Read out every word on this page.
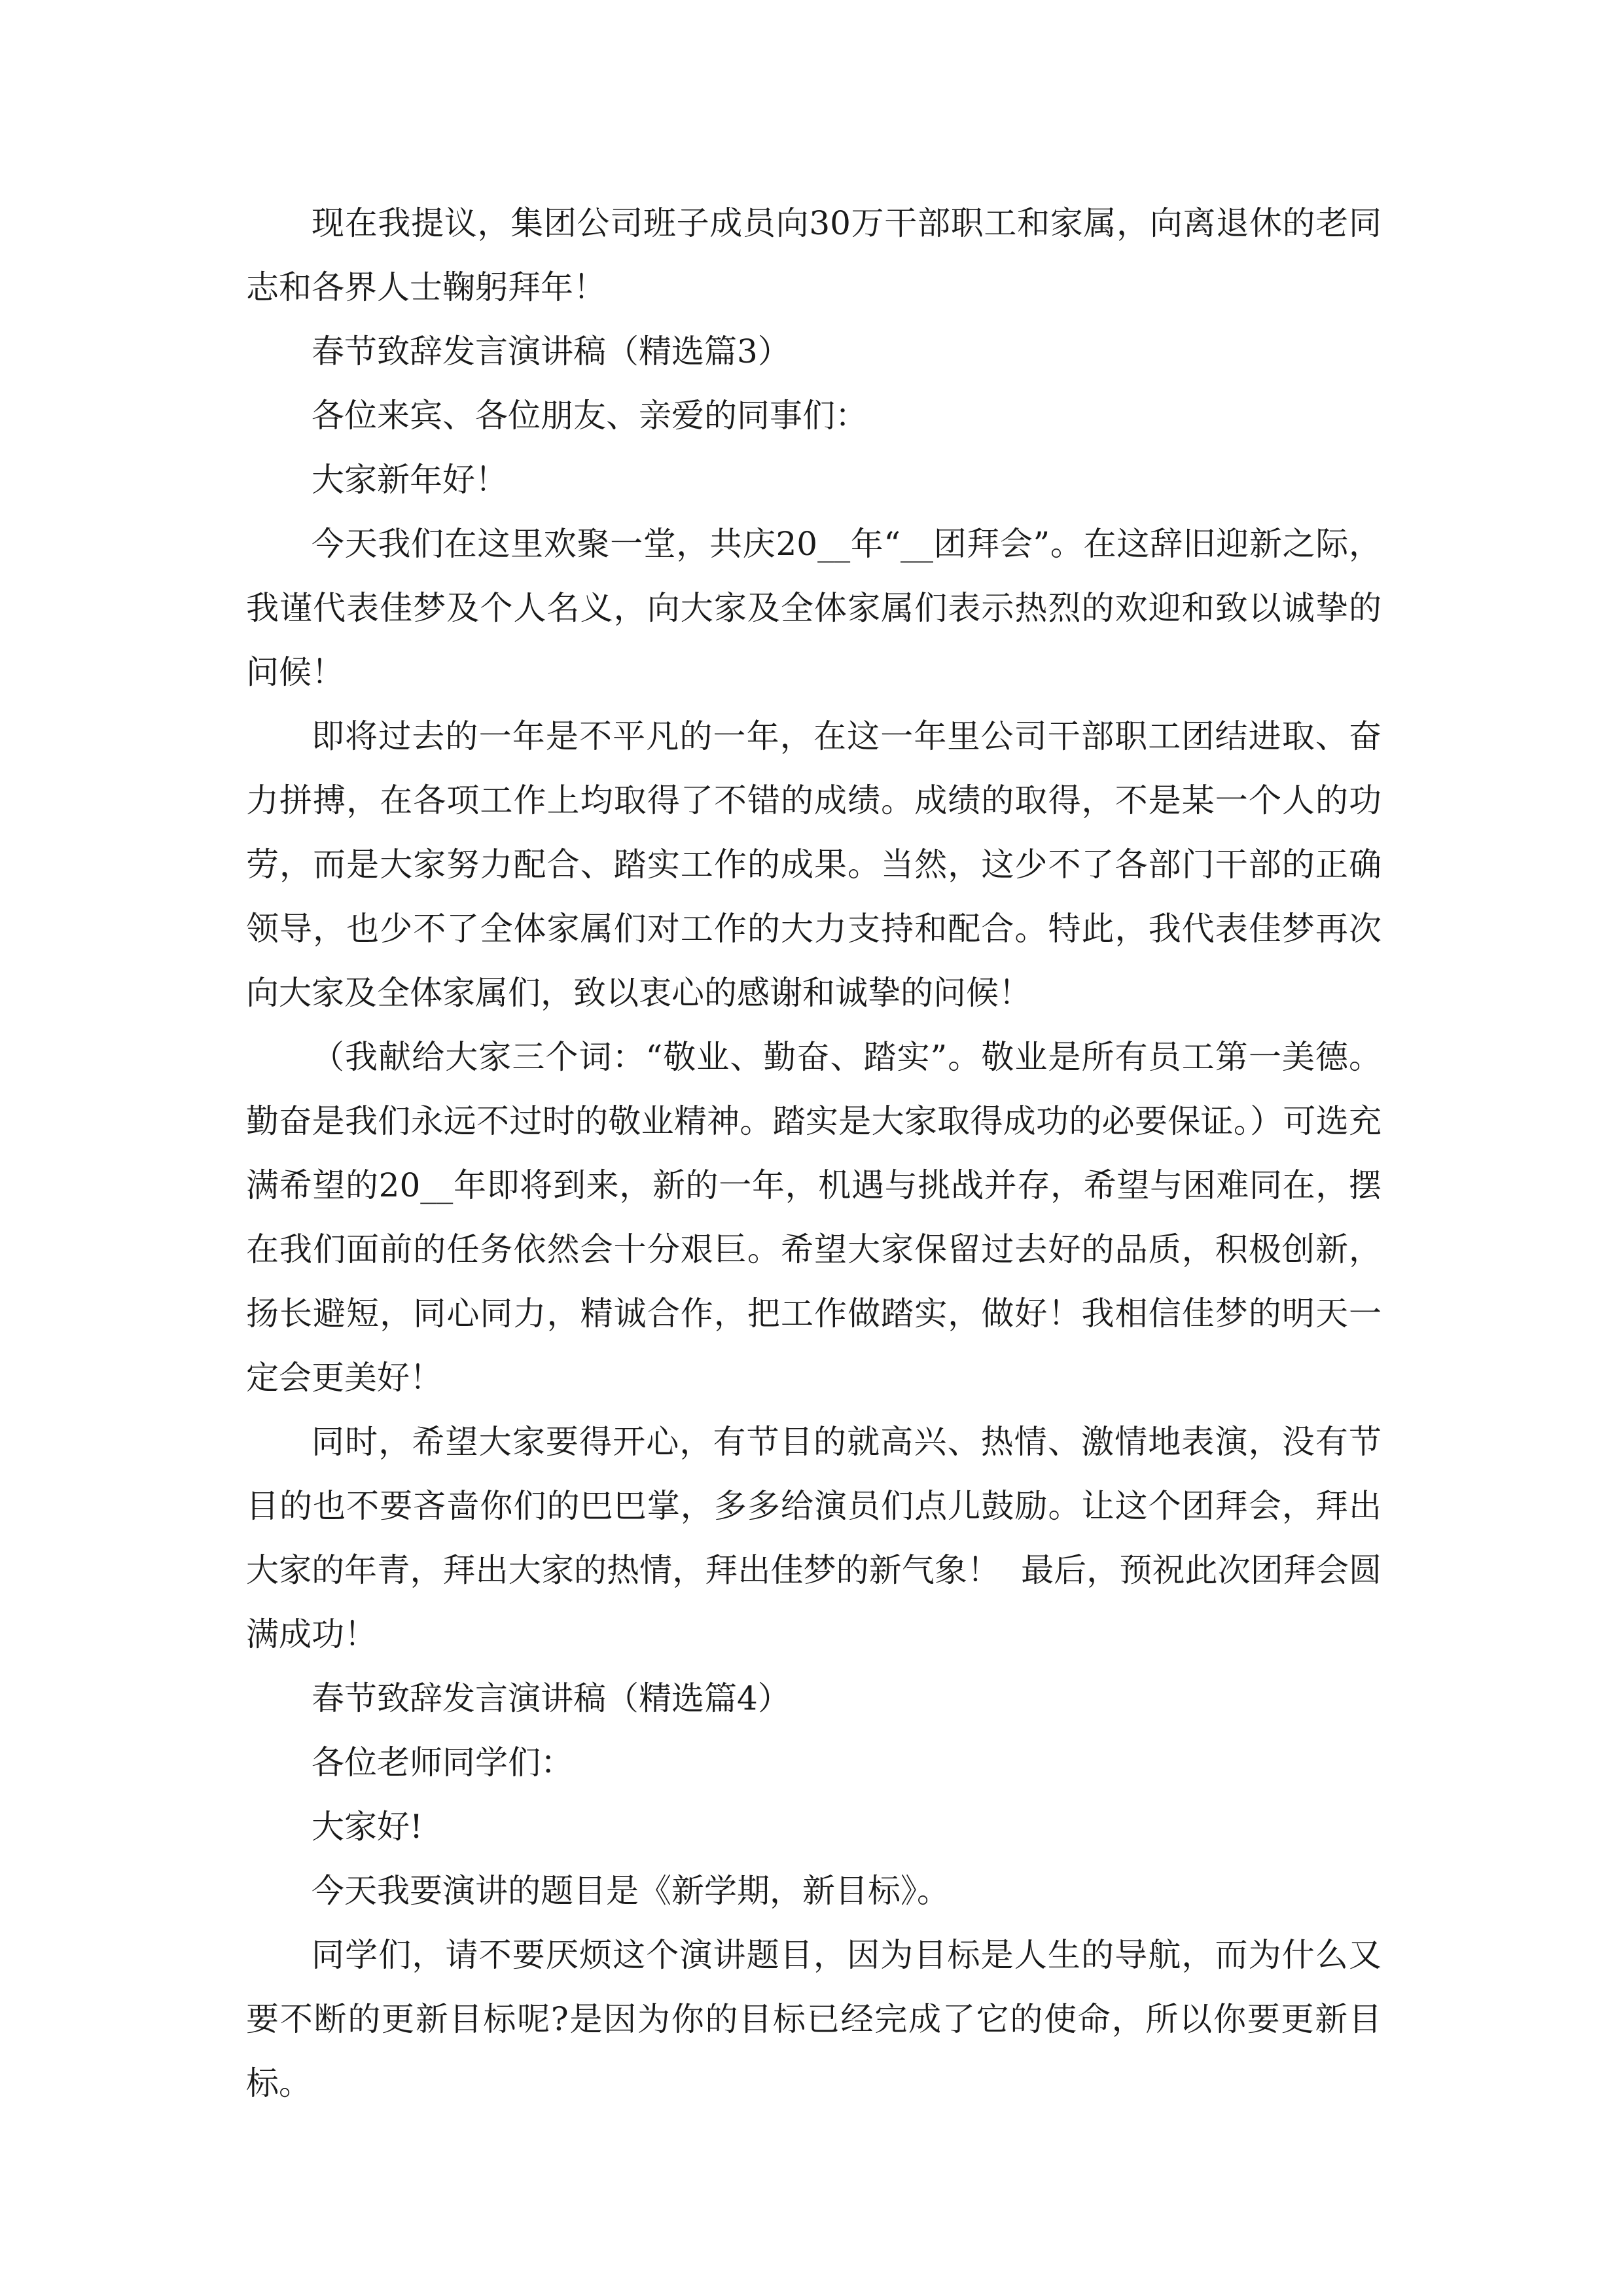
现在我提议，集团公司班子成员向30万干部职工和家属，向离退休的老同志和各界人士鞠躬拜年！

春节致辞发言演讲稿（精选篇3）

各位来宾、各位朋友、亲爱的同事们：

大家新年好！

今天我们在这里欢聚一堂，共庆20__年“__团拜会”。在这辞旧迎新之际，我谨代表佳梦及个人名义，向大家及全体家属们表示热烈的欢迎和致以诚挚的问候！

即将过去的一年是不平凡的一年，在这一年里公司干部职工团结进取、奋力拼搏，在各项工作上均取得了不错的成绩。成绩的取得，不是某一个人的功劳，而是大家努力配合、踏实工作的成果。当然，这少不了各部门干部的正确领导，也少不了全体家属们对工作的大力支持和配合。特此，我代表佳梦再次向大家及全体家属们，致以衷心的感谢和诚挚的问候！

（我献给大家三个词：“敬业、勤奋、踏实”。敬业是所有员工第一美德。勤奋是我们永远不过时的敬业精神。踏实是大家取得成功的必要保证。）可选充满希望的20__年即将到来，新的一年，机遇与挑战并存，希望与困难同在，摆在我们面前的任务依然会十分艰巨。希望大家保留过去好的品质，积极创新，扬长避短，同心同力，精诚合作，把工作做踏实，做好！我相信佳梦的明天一定会更美好！

同时，希望大家要得开心，有节目的就高兴、热情、激情地表演，没有节目的也不要吝啬你们的巴巴掌，多多给演员们点儿鼓励。让这个团拜会，拜出大家的年青，拜出大家的热情，拜出佳梦的新气象！  最后，预祝此次团拜会圆满成功！

春节致辞发言演讲稿（精选篇4）

各位老师同学们：

大家好!

今天我要演讲的题目是《新学期，新目标》。

同学们，请不要厌烦这个演讲题目，因为目标是人生的导航，而为什么又要不断的更新目标呢?是因为你的目标已经完成了它的使命，所以你要更新目标。
